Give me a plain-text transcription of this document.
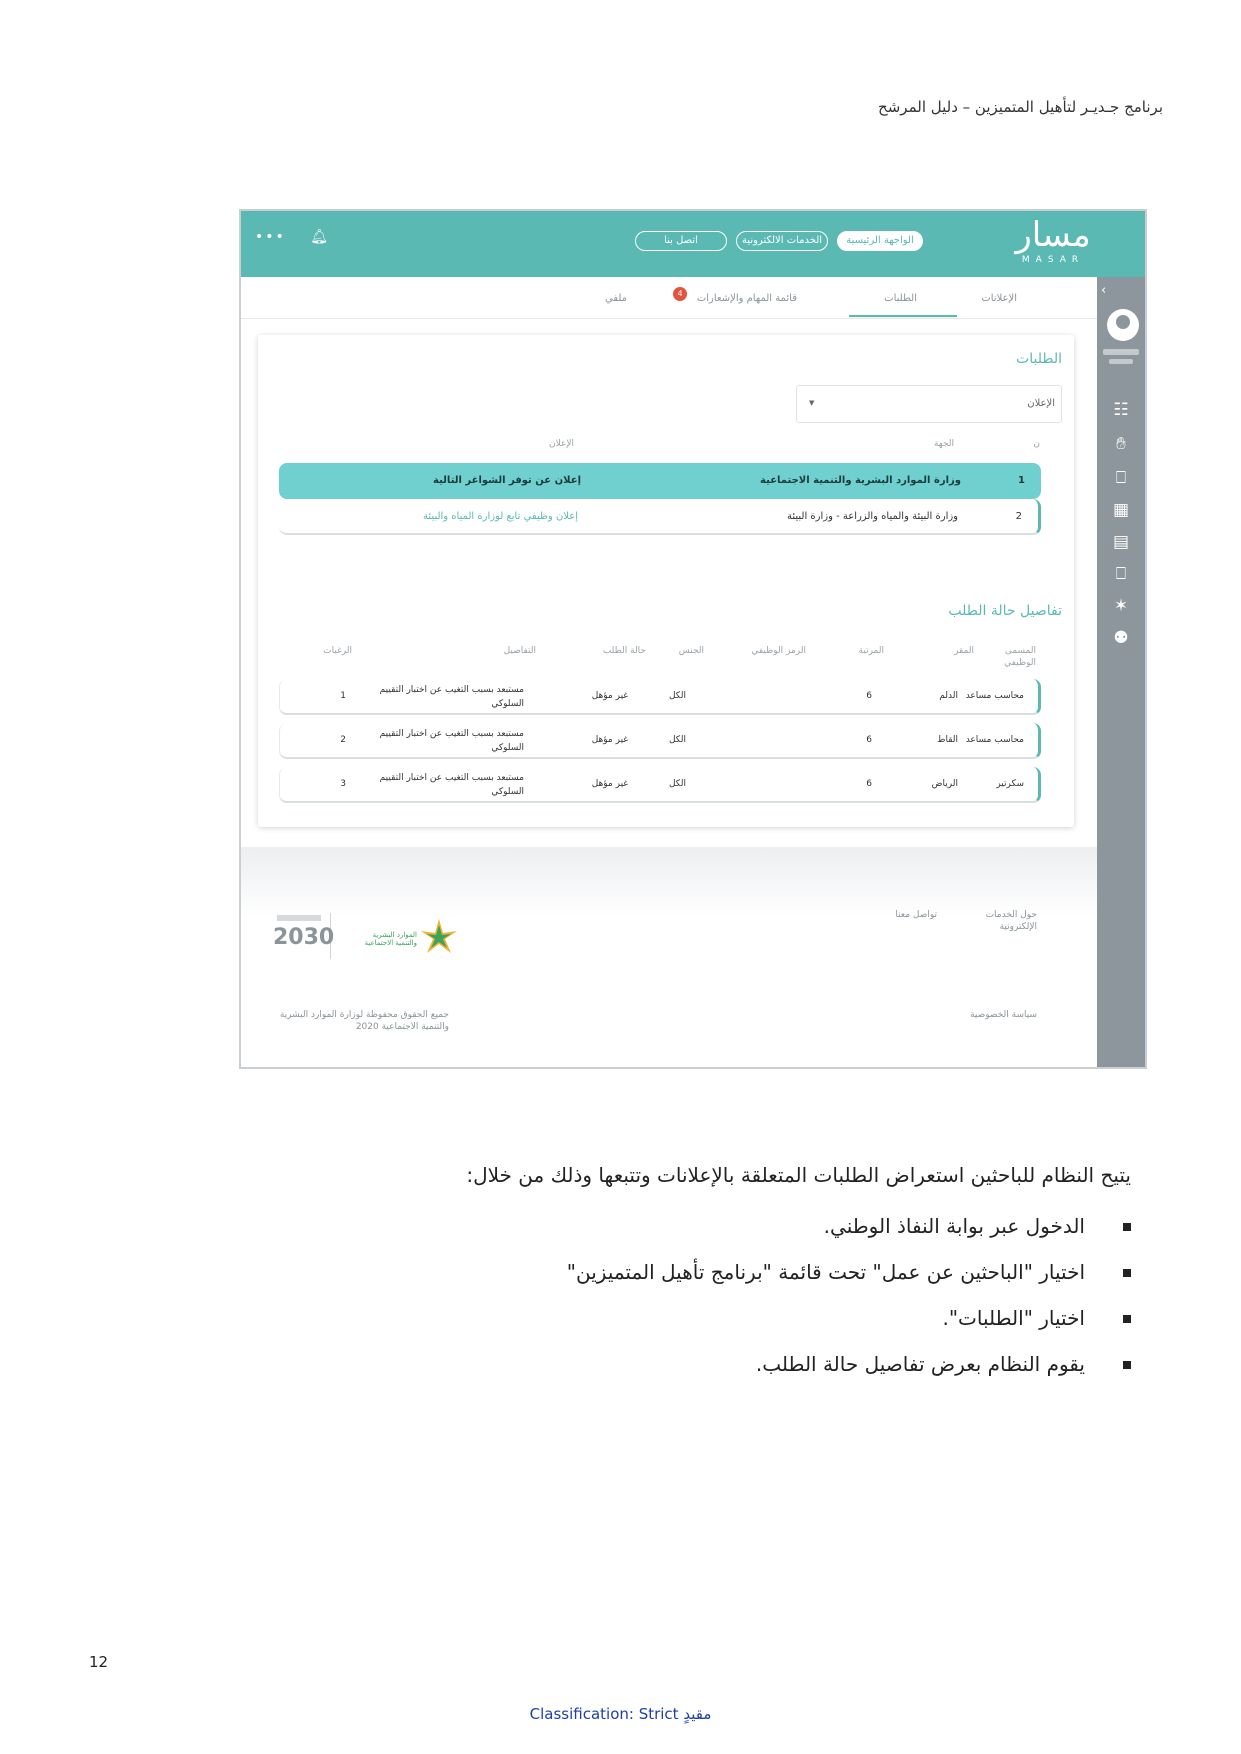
برنامج جـديـر لتأهيل المتميزين – دليل المرشح
مسار
MASAR
الواجهة الرئيسية
الخدمات الالكترونية
اتصل بنا
••• 🔔︎
‹
☷
✋︎
⎕
▦
▤
⎕
✶
⚉
الإعلانات
الطلبات
قائمة المهام والإشعارات
4
ملفي
الطلبات
الإعلان
▼
ن
الجهة
الإعلان
1
وزارة الموارد البشرية والتنمية الاجتماعية
إعلان عن توفر الشواغر التالية
2
وزارة البيئة والمياه والزراعة - وزارة البيئة
إعلان وظيفي تابع لوزارة المياه والبيئة
تفاصيل حالة الطلب
المسمى الوظيفي
المقر
المرتبة
الرمز الوظيفي
الجنس
حالة الطلب
التفاصيل
الرغبات
محاسب مساعد
الدلم
6
الكل
غير مؤهل
مستبعد بسبب التغيب عن اختبار التقييم السلوكي
1
محاسب مساعد
القاط
6
الكل
غير مؤهل
مستبعد بسبب التغيب عن اختبار التقييم السلوكي
2
سكرتير
الرياض
6
الكل
غير مؤهل
مستبعد بسبب التغيب عن اختبار التقييم السلوكي
3
حول الخدمات الإلكترونية
تواصل معنا
سياسة الخصوصية
2030	الموارد البشرية والتنمية الاجتماعية
جميع الحقوق محفوظة لوزارة الموارد البشرية والتنمية الاجتماعية 2020
يتيح النظام للباحثين استعراض الطلبات المتعلقة بالإعلانات وتتبعها وذلك من خلال:
الدخول عبر بوابة النفاذ الوطني.
اختيار "الباحثين عن عمل" تحت قائمة "برنامج تأهيل المتميزين"
اختيار "الطلبات".
يقوم النظام بعرض تفاصيل حالة الطلب.
12
Classification: Strict مقيدٍ
